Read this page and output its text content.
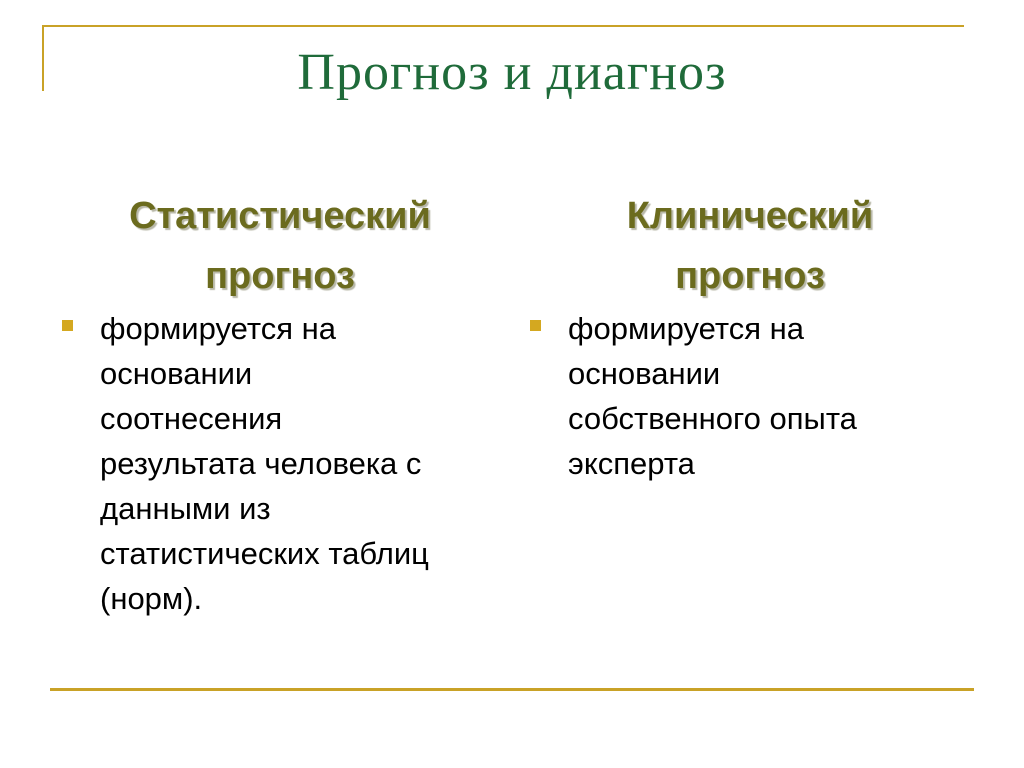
Прогноз и диагноз
Статистический
прогноз
формируется на
основании
соотнесения
результата человека с
данными из
статистических таблиц
(норм).
Клинический
прогноз
формируется на
основании
собственного опыта
эксперта
